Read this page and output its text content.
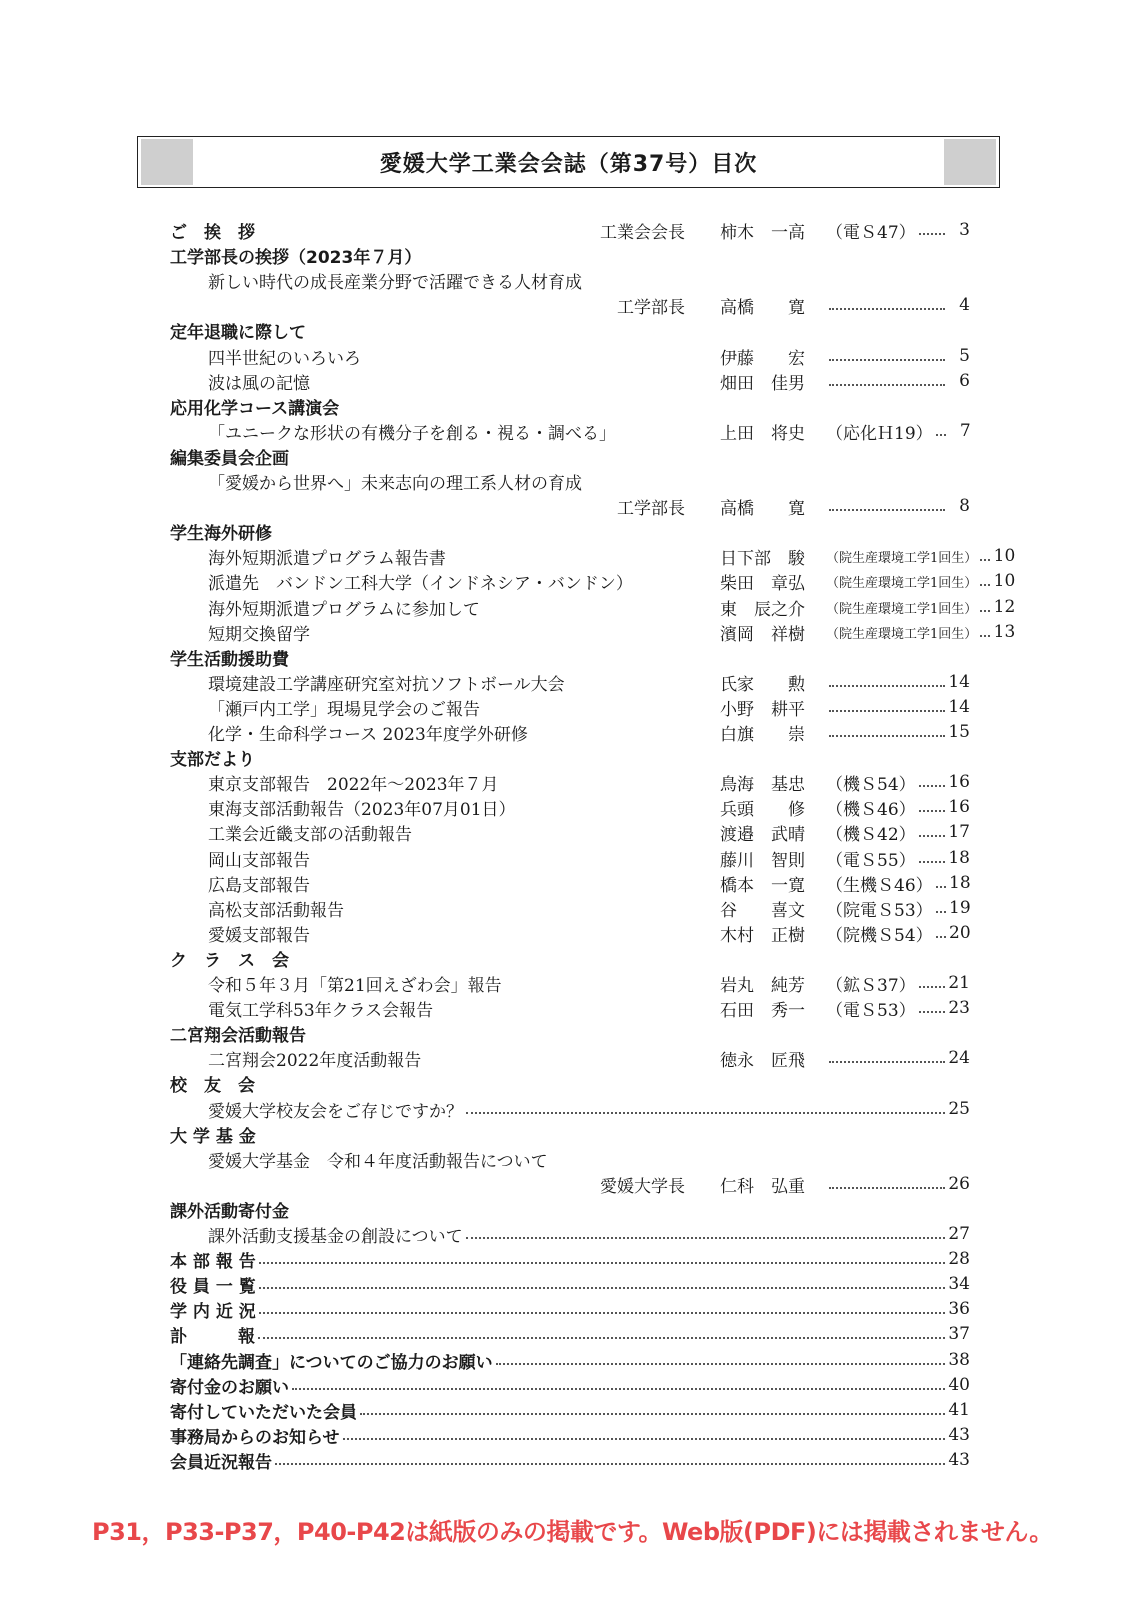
愛媛大学工業会会誌（第37号）目次
ご　挨　拶	工業会会長 柿木　一高	（電Ｓ47）	3
工学部長の挨拶（2023年７月）
新しい時代の成長産業分野で活躍できる人材育成
工学部長 高橋　　寛	4
定年退職に際して
四半世紀のいろいろ	伊藤　　宏	5
波は風の記憶	畑田　佳男	6
応用化学コース講演会
「ユニークな形状の有機分子を創る・視る・調べる」	上田　将史	（応化Ｈ19）	7
編集委員会企画
「愛媛から世界へ」未来志向の理工系人材の育成
工学部長 高橋　　寛	8
学生海外研修
海外短期派遣プログラム報告書	日下部　駿	（院生産環境工学1回生） 10
派遣先　バンドン工科大学（インドネシア・バンドン）	柴田　章弘	（院生産環境工学1回生） 10
海外短期派遣プログラムに参加して	東　辰之介	（院生産環境工学1回生） 12
短期交換留学	濱岡　祥樹	（院生産環境工学1回生） 13
学生活動援助費
環境建設工学講座研究室対抗ソフトボール大会	氏家　　勲	14
「瀬戸内工学」現場見学会のご報告	小野　耕平	14
化学・生命科学コース 2023年度学外研修	白旗　　崇	15
支部だより
東京支部報告　2022年～2023年７月	鳥海　基忠	（機Ｓ54） 16
東海支部活動報告（2023年07月01日）	兵頭　　修	（機Ｓ46） 16
工業会近畿支部の活動報告	渡邉　武晴	（機Ｓ42） 17
岡山支部報告	藤川　智則	（電Ｓ55） 18
広島支部報告	橋本　一寛	（生機Ｓ46） 18
高松支部活動報告	谷　　喜文	（院電Ｓ53） 19
愛媛支部報告	木村　正樹	（院機Ｓ54） 20
ク　ラ　ス　会
令和５年３月「第21回えざわ会」報告	岩丸　純芳	（鉱Ｓ37） 21
電気工学科53年クラス会報告	石田　秀一	（電Ｓ53） 23
二宮翔会活動報告
二宮翔会2022年度活動報告	徳永　匠飛	24
校　友　会
愛媛大学校友会をご存じですか？	25
大 学 基 金
愛媛大学基金　令和４年度活動報告について
愛媛大学長 仁科　弘重	26
課外活動寄付金
課外活動支援基金の創設について	27
本 部 報 告	28
役 員 一 覧	34
学 内 近 況	36
訃　　　報	37
「連絡先調査」についてのご協力のお願い	38
寄付金のお願い	40
寄付していただいた会員	41
事務局からのお知らせ	43
会員近況報告	43
P31，P33-P37，P40-P42は紙版のみの掲載です。Web版(PDF)には掲載されません。
